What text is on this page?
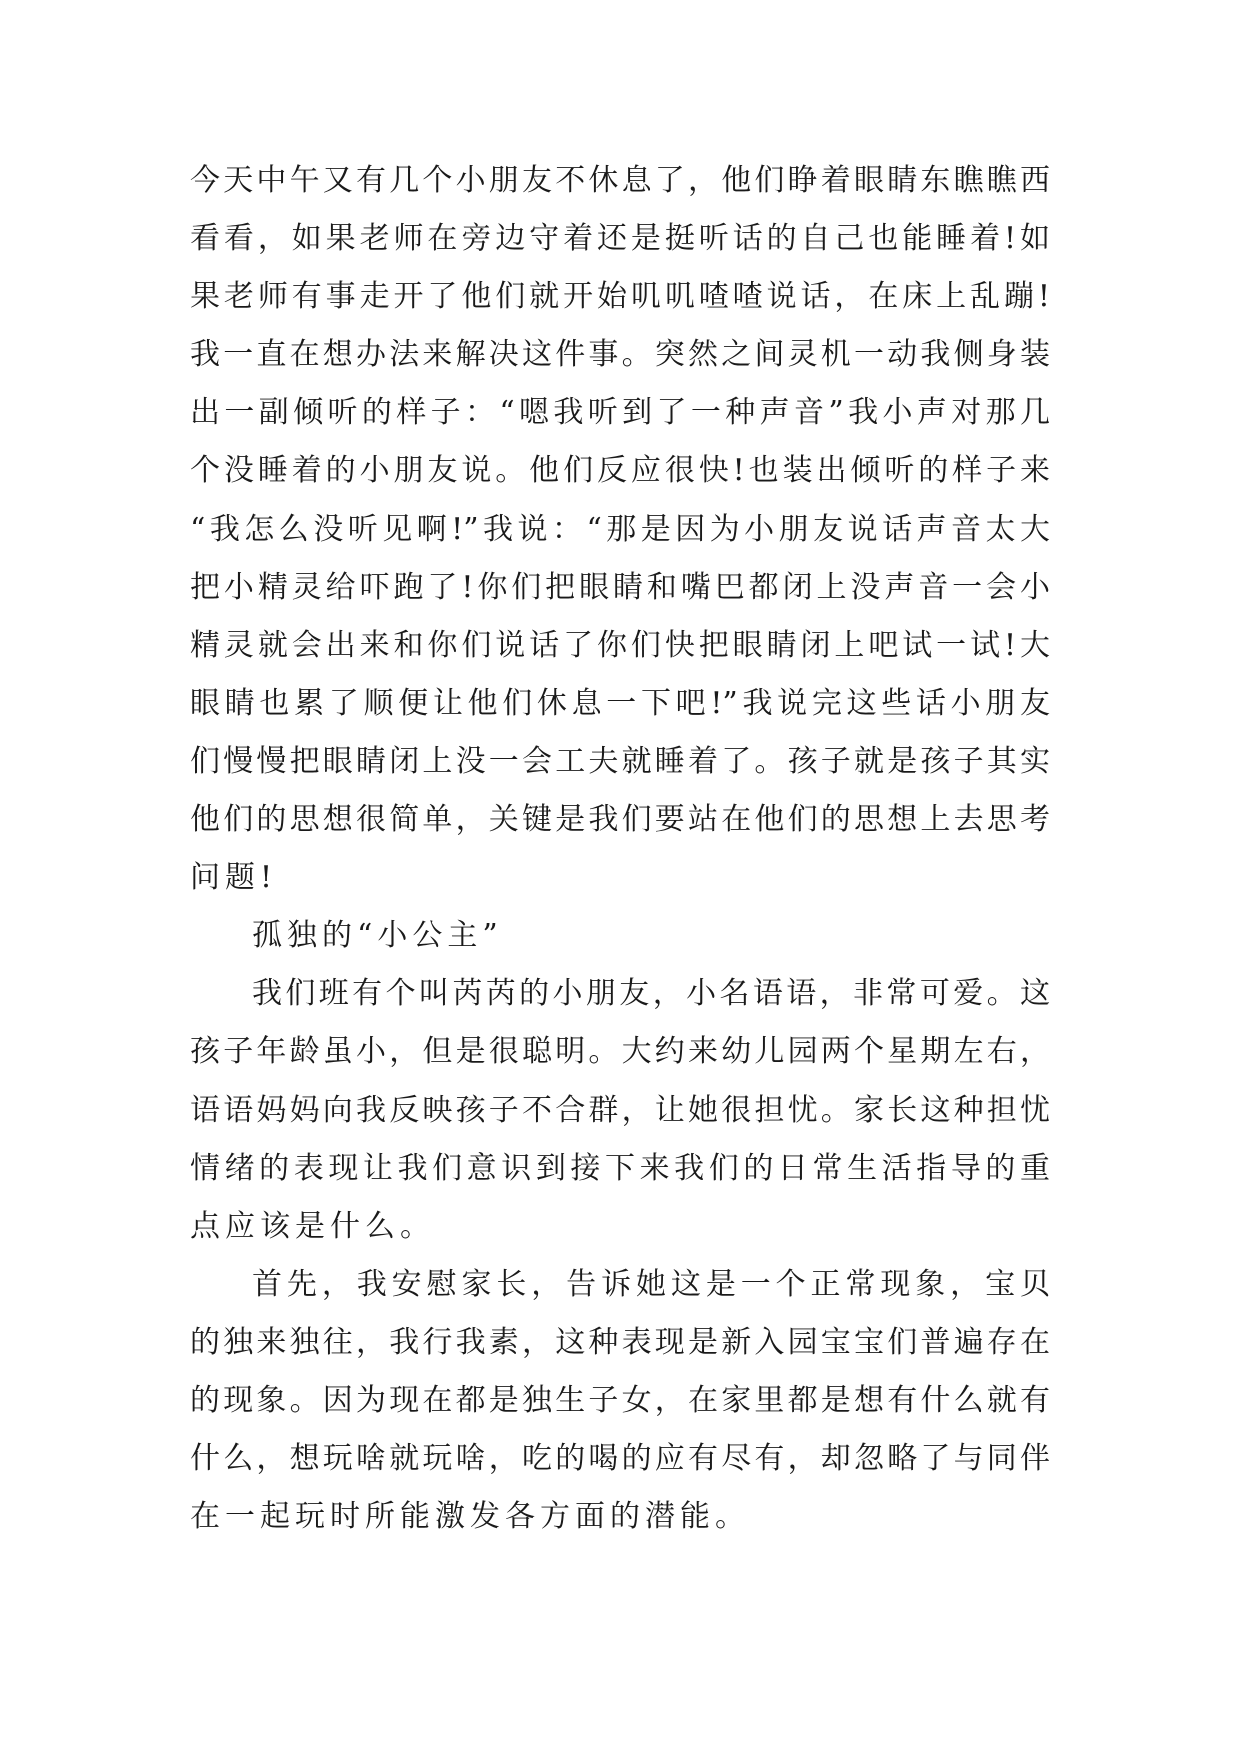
今天中午又有几个小朋友不休息了，他们睁着眼睛东瞧瞧西
看看，如果老师在旁边守着还是挺听话的自己也能睡着!如
果老师有事走开了他们就开始叽叽喳喳说话，在床上乱蹦!
我一直在想办法来解决这件事。突然之间灵机一动我侧身装
出一副倾听的样子：“嗯我听到了一种声音”我小声对那几
个没睡着的小朋友说。他们反应很快!也装出倾听的样子来
“我怎么没听见啊!”我说：“那是因为小朋友说话声音太大
把小精灵给吓跑了!你们把眼睛和嘴巴都闭上没声音一会小
精灵就会出来和你们说话了你们快把眼睛闭上吧试一试!大
眼睛也累了顺便让他们休息一下吧!”我说完这些话小朋友
们慢慢把眼睛闭上没一会工夫就睡着了。孩子就是孩子其实
他们的思想很简单，关键是我们要站在他们的思想上去思考
问题!
孤独的“小公主”
我们班有个叫芮芮的小朋友，小名语语，非常可爱。这
孩子年龄虽小，但是很聪明。大约来幼儿园两个星期左右，
语语妈妈向我反映孩子不合群，让她很担忧。家长这种担忧
情绪的表现让我们意识到接下来我们的日常生活指导的重
点应该是什么。
首先，我安慰家长，告诉她这是一个正常现象，宝贝
的独来独往，我行我素，这种表现是新入园宝宝们普遍存在
的现象。因为现在都是独生子女，在家里都是想有什么就有
什么，想玩啥就玩啥，吃的喝的应有尽有，却忽略了与同伴
在一起玩时所能激发各方面的潜能。
